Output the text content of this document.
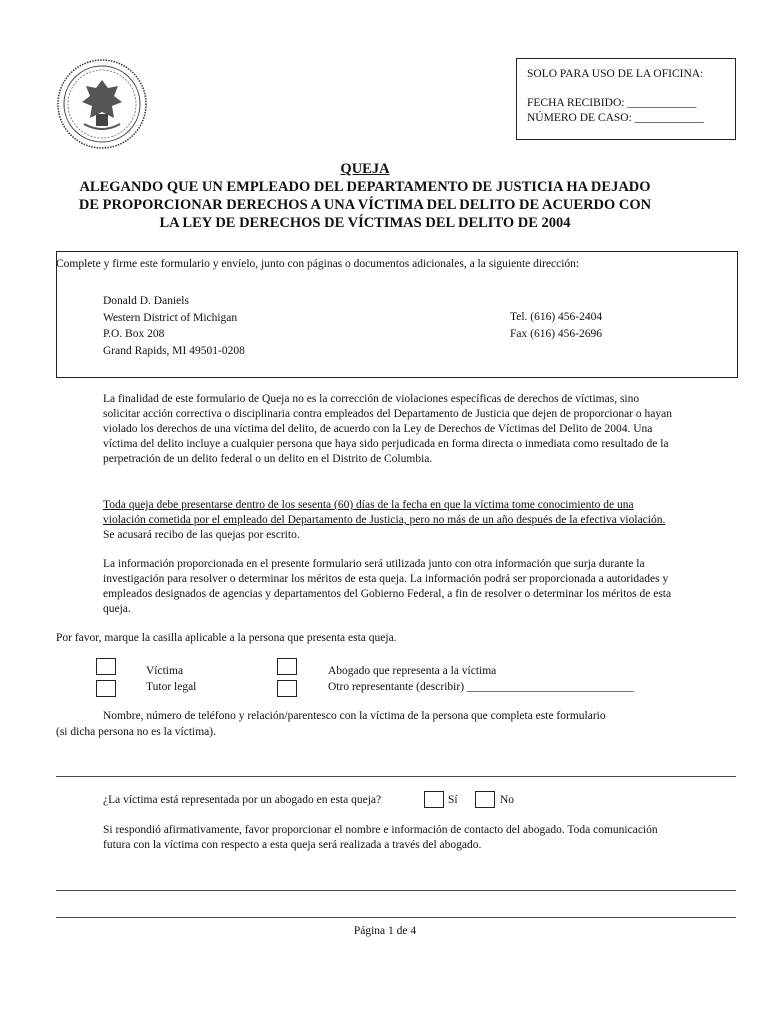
SOLO PARA USO DE LA OFICINA:
FECHA RECIBIDO: ____________
NÚMERO DE CASO: ____________
QUEJA
ALEGANDO QUE UN EMPLEADO DEL DEPARTAMENTO DE JUSTICIA HA DEJADO
DE PROPORCIONAR DERECHOS A UNA VÍCTIMA DEL DELITO DE ACUERDO CON
LA LEY DE DERECHOS DE VÍCTIMAS DEL DELITO DE 2004
Complete y firme este formulario y envíelo, junto con páginas o documentos adicionales, a la siguiente dirección:
Donald D. Daniels
Western District of Michigan
P.O. Box 208
Grand Rapids, MI 49501-0208
Tel. (616) 456-2404
Fax (616) 456-2696
La finalidad de este formulario de Queja no es la corrección de violaciones específicas de derechos de víctimas, sino solicitar acción correctiva o disciplinaria contra empleados del Departamento de Justicia que dejen de proporcionar o hayan violado los derechos de una víctima del delito, de acuerdo con la Ley de Derechos de Víctimas del Delito de 2004. Una víctima del delito incluye a cualquier persona que haya sido perjudicada en forma directa o inmediata como resultado de la perpetración de un delito federal o un delito en el Distrito de Columbia.
Toda queja debe presentarse dentro de los sesenta (60) días de la fecha en que la víctima tome conocimiento de una violación cometida por el empleado del Departamento de Justicia, pero no más de un año después de la efectiva violación. Se acusará recibo de las quejas por escrito.
La información proporcionada en el presente formulario será utilizada junto con otra información que surja durante la investigación para resolver o determinar los méritos de esta queja. La información podrá ser proporcionada a autoridades y empleados designados de agencias y departamentos del Gobierno Federal, a fin de resolver o determinar los méritos de esta queja.
Por favor, marque la casilla aplicable a la persona que presenta esta queja.
Víctima
Tutor legal
Abogado que representa a la víctima
Otro representante (describir) _____________________________
Nombre, número de teléfono y relación/parentesco con la víctima de la persona que completa este formulario
(si dicha persona no es la víctima).
¿La víctima está representada por un abogado en esta queja?	Sí	No
Si respondió afirmativamente, favor proporcionar el nombre e información de contacto del abogado. Toda comunicación futura con la víctima con respecto a esta queja será realizada a través del abogado.
Página 1 de 4
